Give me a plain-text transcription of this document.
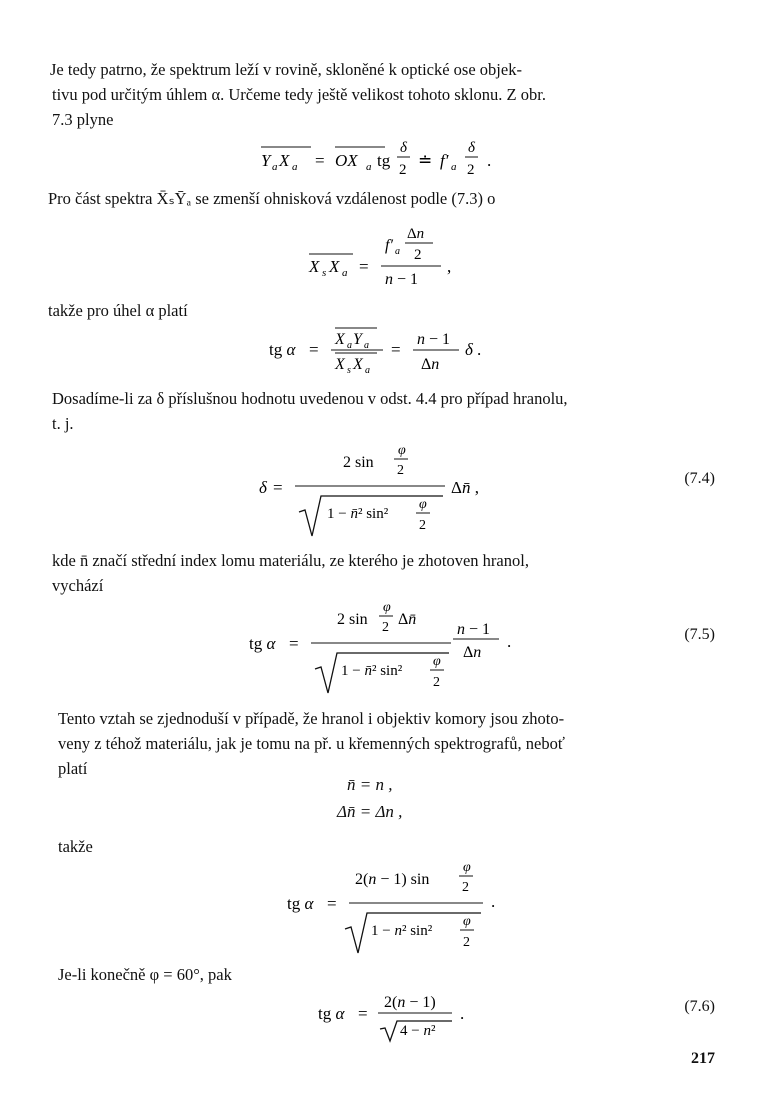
Je tedy patrno, že spektrum leží v rovině, skloněné k optické ose objek-

tivu pod určitým úhlem α. Určeme tedy ještě velikost tohoto sklonu. Z obr.

7.3 plyne

Y a X a = OX a tg
δ
2 ≐ f′ a
δ
2 .

Pro část spektra X̄ₛȲₐ se zmenší ohnisková vzdálenost podle (7.3) o

X s X a =
f′ a
Δn
2
n − 1
,

takže pro úhel α platí

tg α =
X a Y a
X s X a
=
n − 1
Δn
δ .

Dosadíme-li za δ příslušnou hodnotu uvedenou v odst. 4.4 pro případ hranolu,

t. j.

δ =
2 sin
φ
2
1 − n̄² sin²
φ
2
Δn̄ ,	(7.4)

kde n̄ značí střední index lomu materiálu, ze kterého je zhotoven hranol,

vychází

tg α =
2 sin
φ
2 Δn̄
1 − n̄² sin²
φ
2
n − 1
Δn
.	(7.5)

Tento vztah se zjednoduší v případě, že hranol i objektiv komory jsou zhoto-

veny z téhož materiálu, jak je tomu na př. u křemenných spektrografů, neboť

platí

n̄ = n ,
Δn̄ = Δn ,

takže

tg α =
2(n − 1) sin
φ
2
1 − n² sin²
φ
2
.

Je-li konečně φ = 60°, pak

tg α =
2(n − 1)
4 − n²
.	(7.6)
217
